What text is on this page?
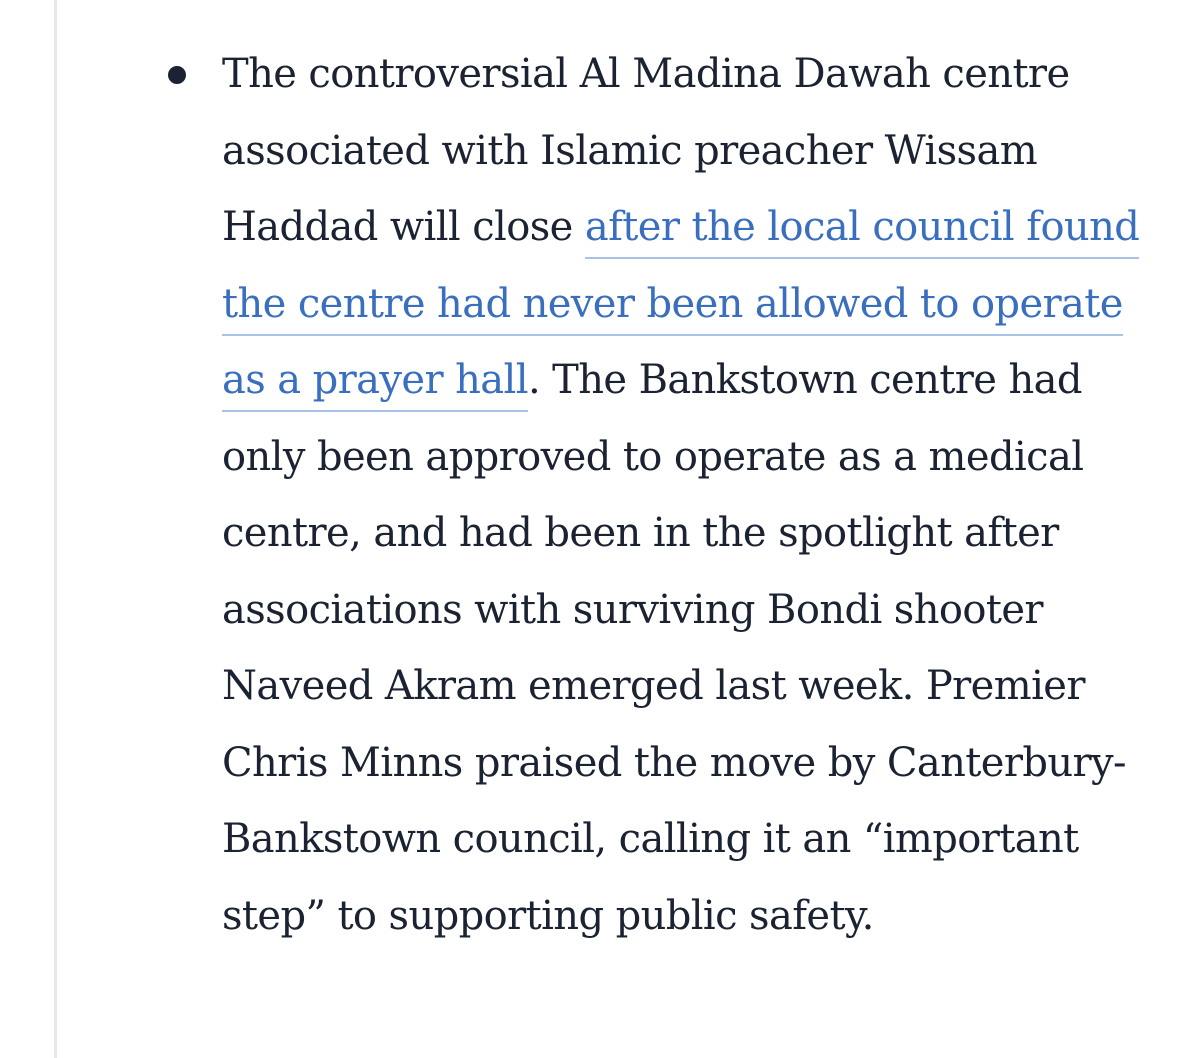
The controversial Al Madina Dawah centre associated with Islamic preacher Wissam Haddad will close after the local council found the centre had never been allowed to operate as a prayer hall. The Bankstown centre had only been approved to operate as a medical centre, and had been in the spotlight after associations with surviving Bondi shooter Naveed Akram emerged last week. Premier Chris Minns praised the move by Canterbury-Bankstown council, calling it an “important step” to supporting public safety.
